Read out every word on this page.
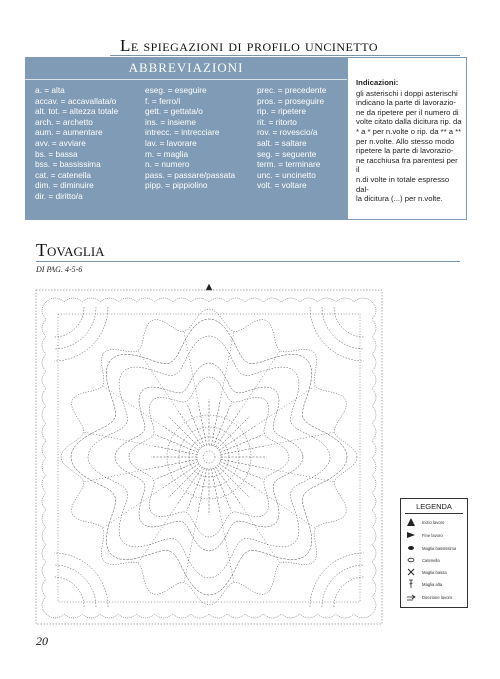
Le spiegazioni di profilo uncinetto
ABBREVIAZIONI
a. = alta
accav. = accavallata/o
alt. tot. = altezza totale
arch. = archetto
aum. = aumentare
avv. = avviare
bs. = bassa
bss. = bassissima
cat. = catenella
dim. = diminuire
dir. = diritto/a
eseg. = eseguire
f. = ferro/i
gett. = gettata/o
ins. = insieme
intrecc. = intrecciare
lav. = lavorare
m. = maglia
n. = numero
pass. = passare/passata
pipp. = pippiolino
prec. = precedente
pros. = proseguire
rip. = ripetere
rit. = ritorto
rov. = rovescio/a
salt. = saltare
seg. = seguente
term. = terminare
unc. = uncinetto
volt. = voltare
Indicazioni:
gli asterischi i doppi asterischi
indicano la parte di lavorazio-
ne da ripetere per il numero di
volte citato dalla dicitura rip. da
* a * per n.volte o rip. da ** a **
per n.volte. Allo stesso modo
ripetere la parte di lavorazio-
ne racchiusa fra parentesi per il
n.di volte in totale espresso dal-
la dicitura (...) per n.volte.
Tovaglia
DI PAG. 4-5-6
LEGENDA
Inizio lavoro
Fine lavoro
Maglia bassissima
Catenella
Maglia bassa
Maglia alta
Direzione lavoro
20
